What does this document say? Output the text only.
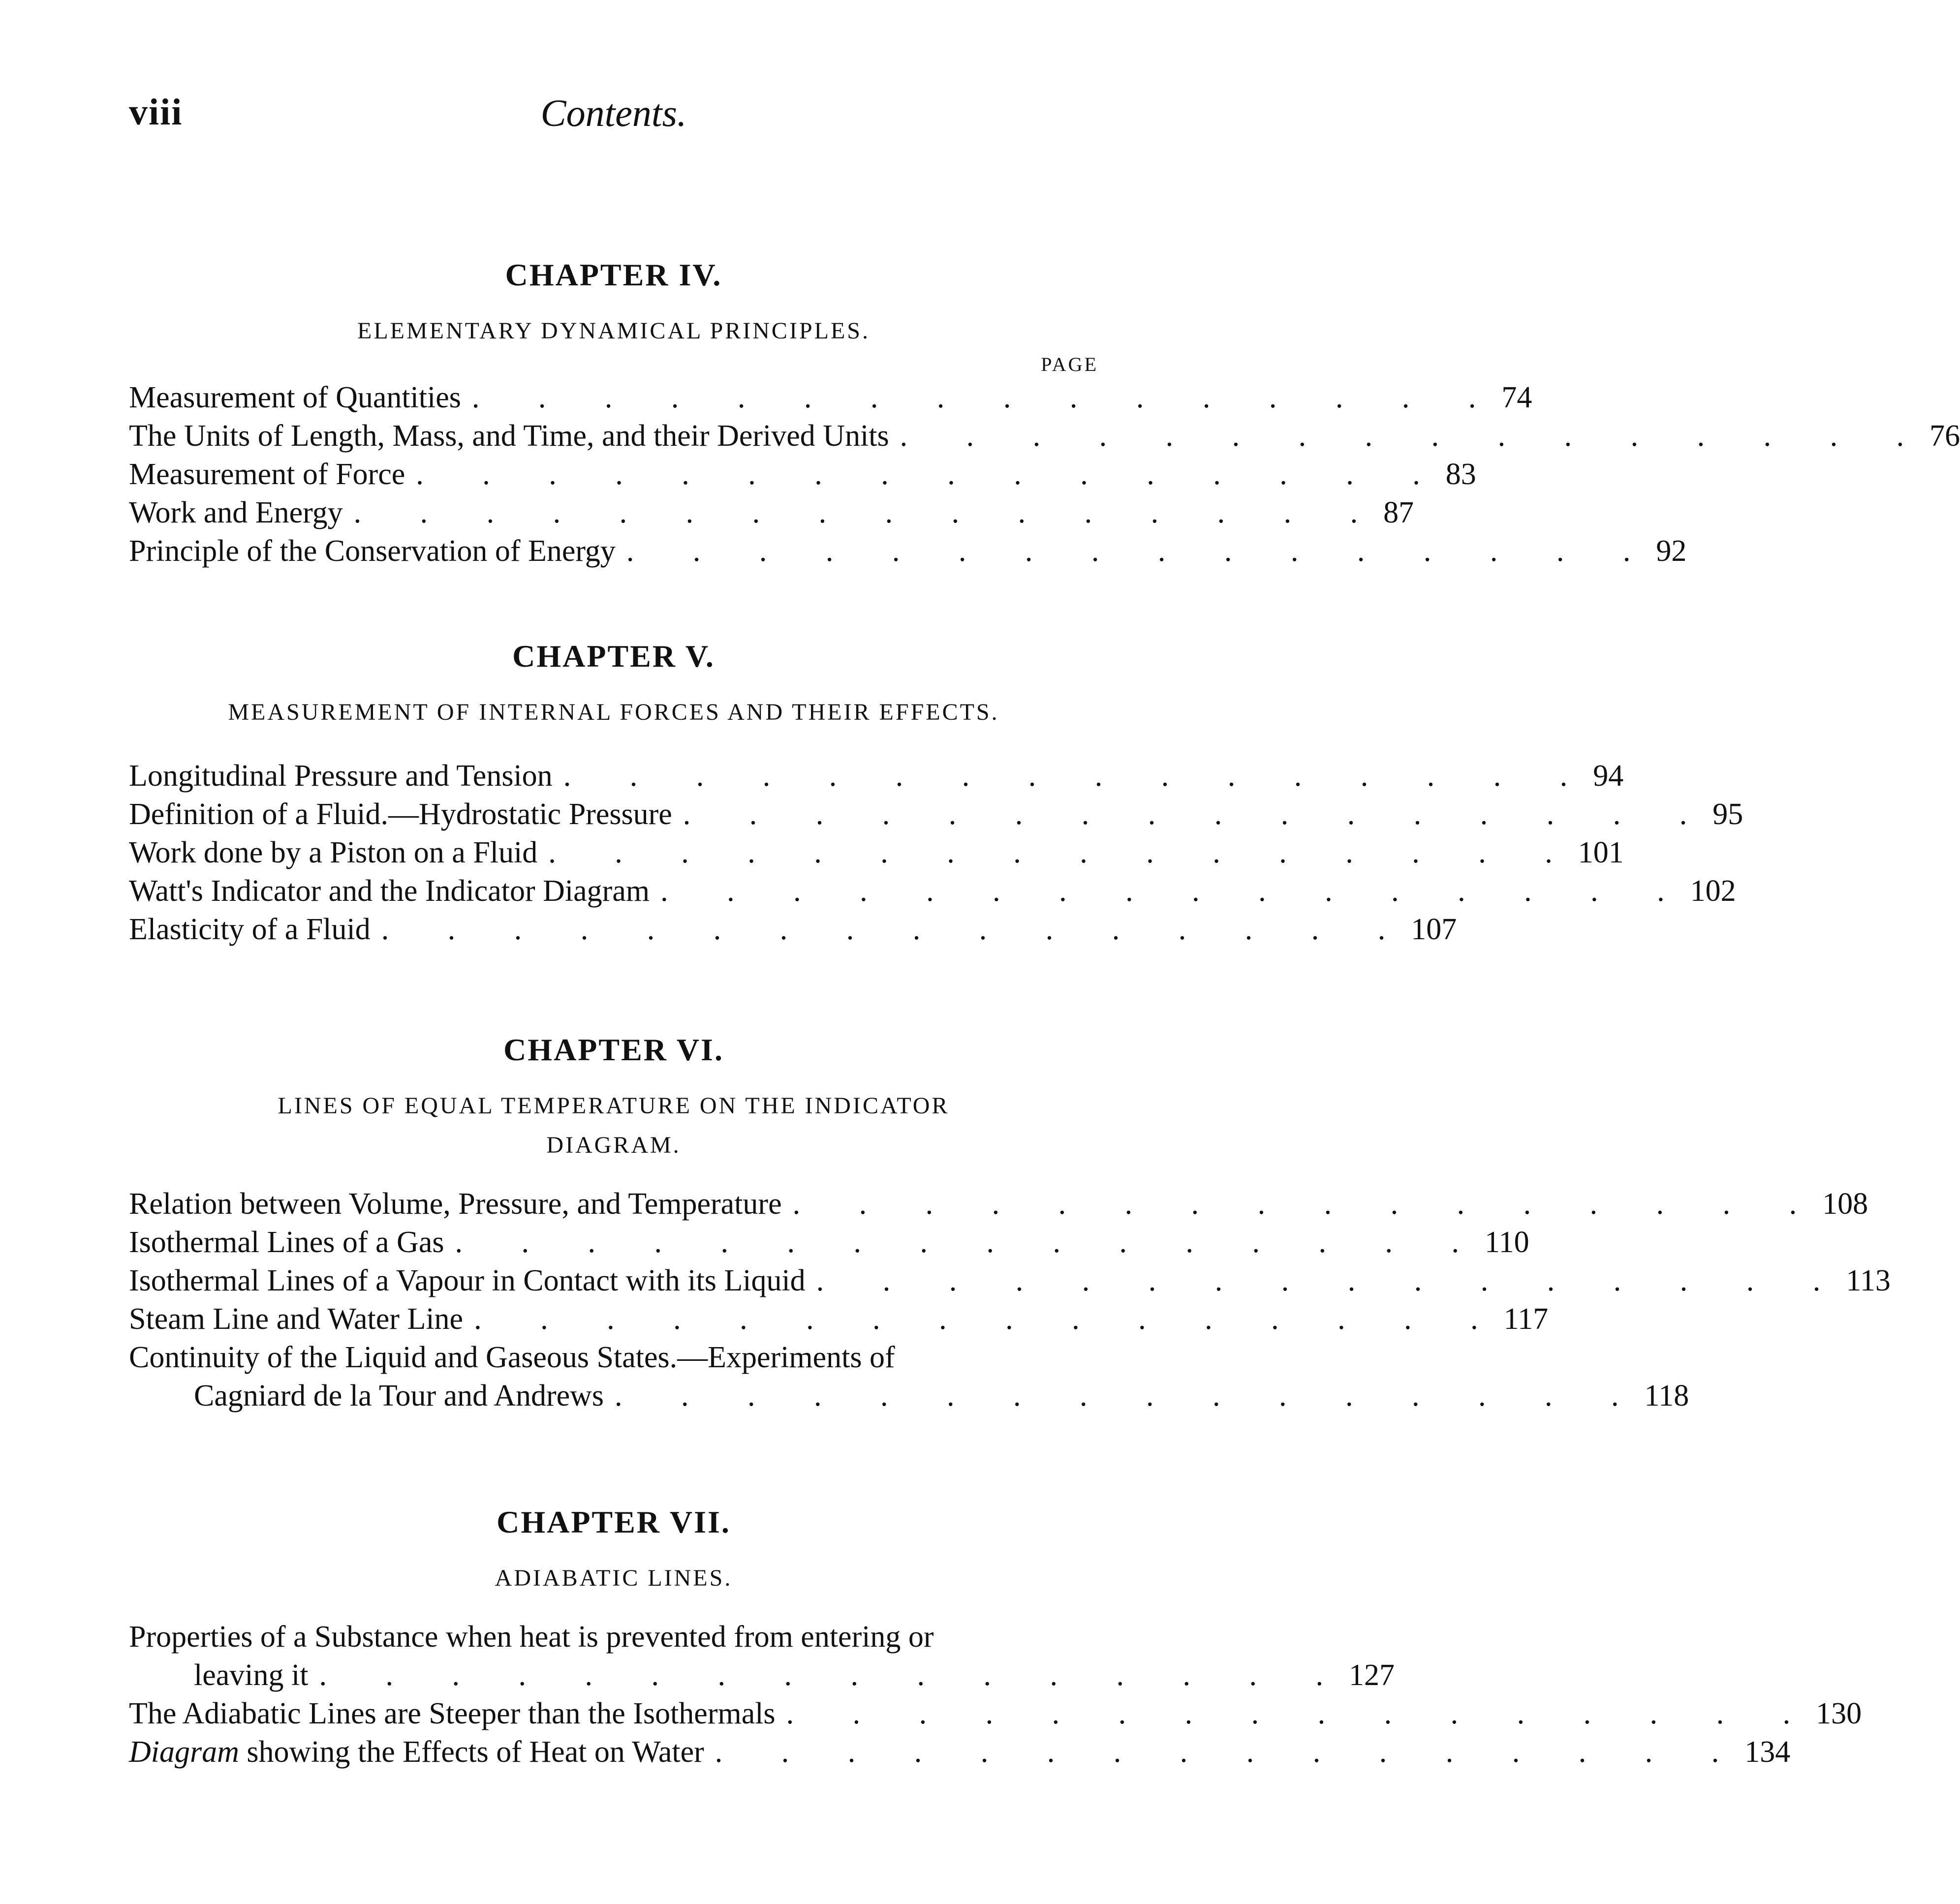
viii	Contents.
CHAPTER IV.
ELEMENTARY DYNAMICAL PRINCIPLES.
PAGE
Measurement of Quantities . . . . . . . . . . . . . . . . 74
The Units of Length, Mass, and Time, and their Derived Units . . . . . . . . . . . . . . . . 76
Measurement of Force . . . . . . . . . . . . . . . . 83
Work and Energy . . . . . . . . . . . . . . . . 87
Principle of the Conservation of Energy . . . . . . . . . . . . . . . . 92
CHAPTER V.
MEASUREMENT OF INTERNAL FORCES AND THEIR EFFECTS.
Longitudinal Pressure and Tension . . . . . . . . . . . . . . . . 94
Definition of a Fluid.—Hydrostatic Pressure . . . . . . . . . . . . . . . . 95
Work done by a Piston on a Fluid . . . . . . . . . . . . . . . . 101
Watt's Indicator and the Indicator Diagram . . . . . . . . . . . . . . . . 102
Elasticity of a Fluid . . . . . . . . . . . . . . . . 107
CHAPTER VI.
LINES OF EQUAL TEMPERATURE ON THE INDICATOR
DIAGRAM.
Relation between Volume, Pressure, and Temperature . . . . . . . . . . . . . . . . 108
Isothermal Lines of a Gas . . . . . . . . . . . . . . . . 110
Isothermal Lines of a Vapour in Contact with its Liquid . . . . . . . . . . . . . . . . 113
Steam Line and Water Line . . . . . . . . . . . . . . . . 117
Continuity of the Liquid and Gaseous States.—Experiments of
Cagniard de la Tour and Andrews . . . . . . . . . . . . . . . . 118
CHAPTER VII.
ADIABATIC LINES.
Properties of a Substance when heat is prevented from entering or
leaving it . . . . . . . . . . . . . . . . 127
The Adiabatic Lines are Steeper than the Isothermals . . . . . . . . . . . . . . . . 130
Diagram showing the Effects of Heat on Water . . . . . . . . . . . . . . . . 134
